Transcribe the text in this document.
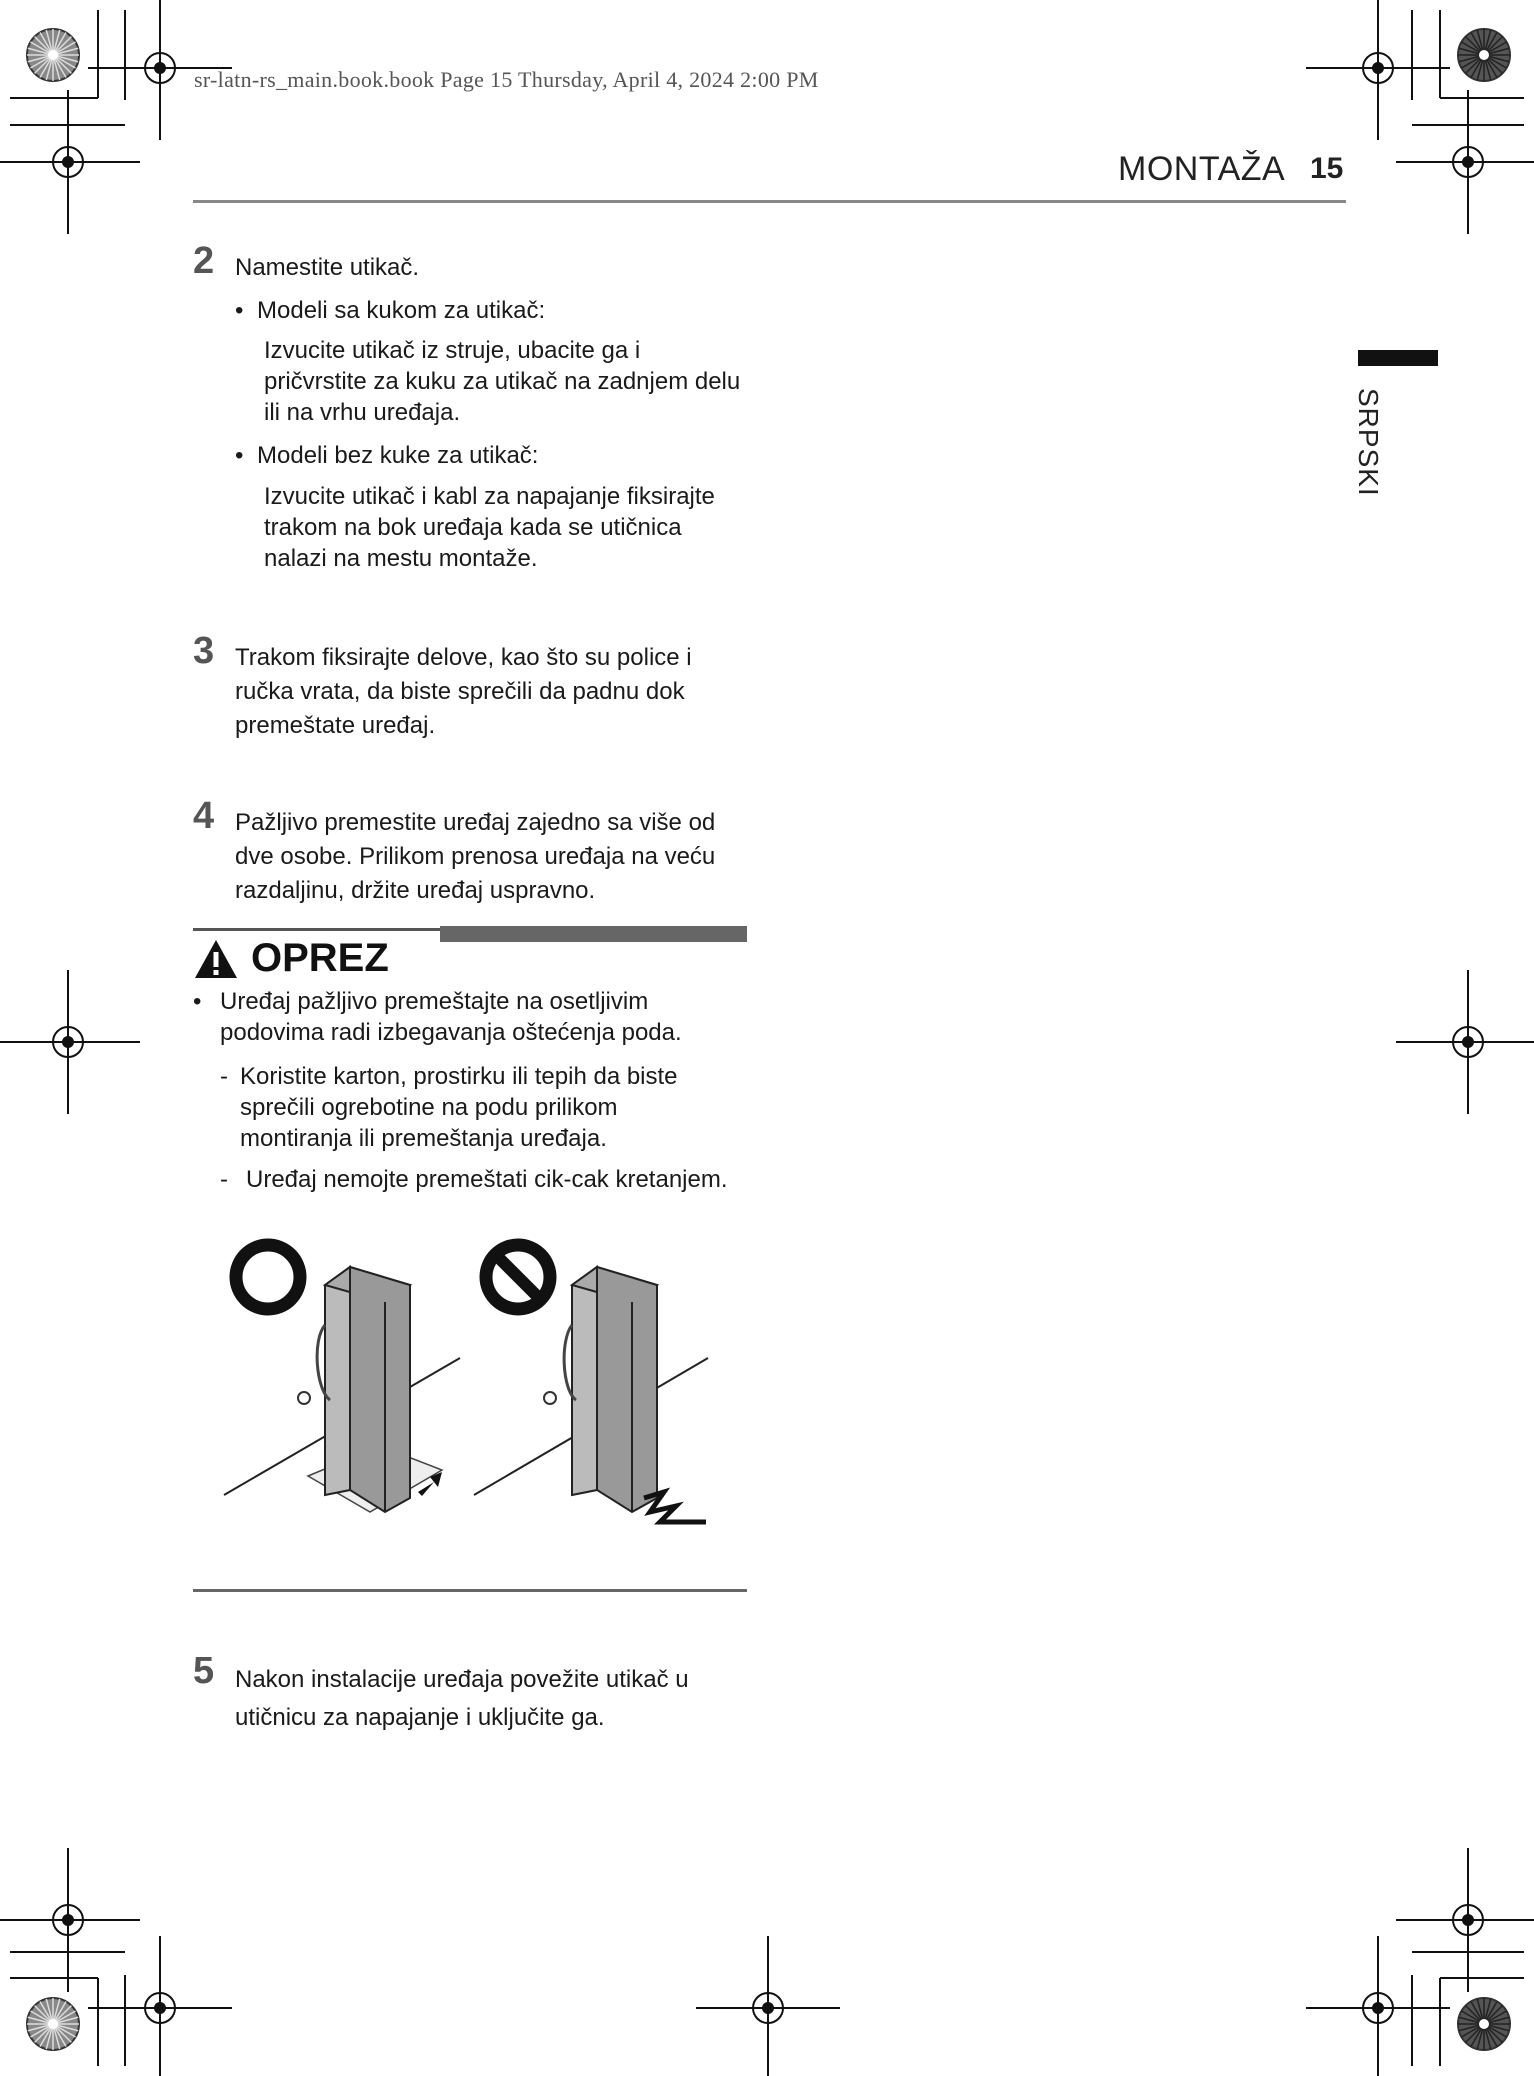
sr-latn-rs_main.book.book Page 15 Thursday, April 4, 2024 2:00 PM
MONTAŽA 15
SRPSKI
2 Namestite utikač.
• Modeli sa kukom za utikač:
Izvucite utikač iz struje, ubacite ga i
pričvrstite za kuku za utikač na zadnjem delu
ili na vrhu uređaja.
• Modeli bez kuke za utikač:
Izvucite utikač i kabl za napajanje fiksirajte
trakom na bok uređaja kada se utičnica
nalazi na mestu montaže.
3 Trakom fiksirajte delove, kao što su police i
ručka vrata, da biste sprečili da padnu dok
premeštate uređaj.
4 Pažljivo premestite uređaj zajedno sa više od
dve osobe. Prilikom prenosa uređaja na veću
razdaljinu, držite uređaj uspravno.
OPREZ
• Uređaj pažljivo premeštajte na osetljivim
podovima radi izbegavanja oštećenja poda.
- Koristite karton, prostirku ili tepih da biste
sprečili ogrebotine na podu prilikom
montiranja ili premeštanja uređaja.
- Uređaj nemojte premeštati cik-cak kretanjem.
5 Nakon instalacije uređaja povežite utikač u
utičnicu za napajanje i uključite ga.
